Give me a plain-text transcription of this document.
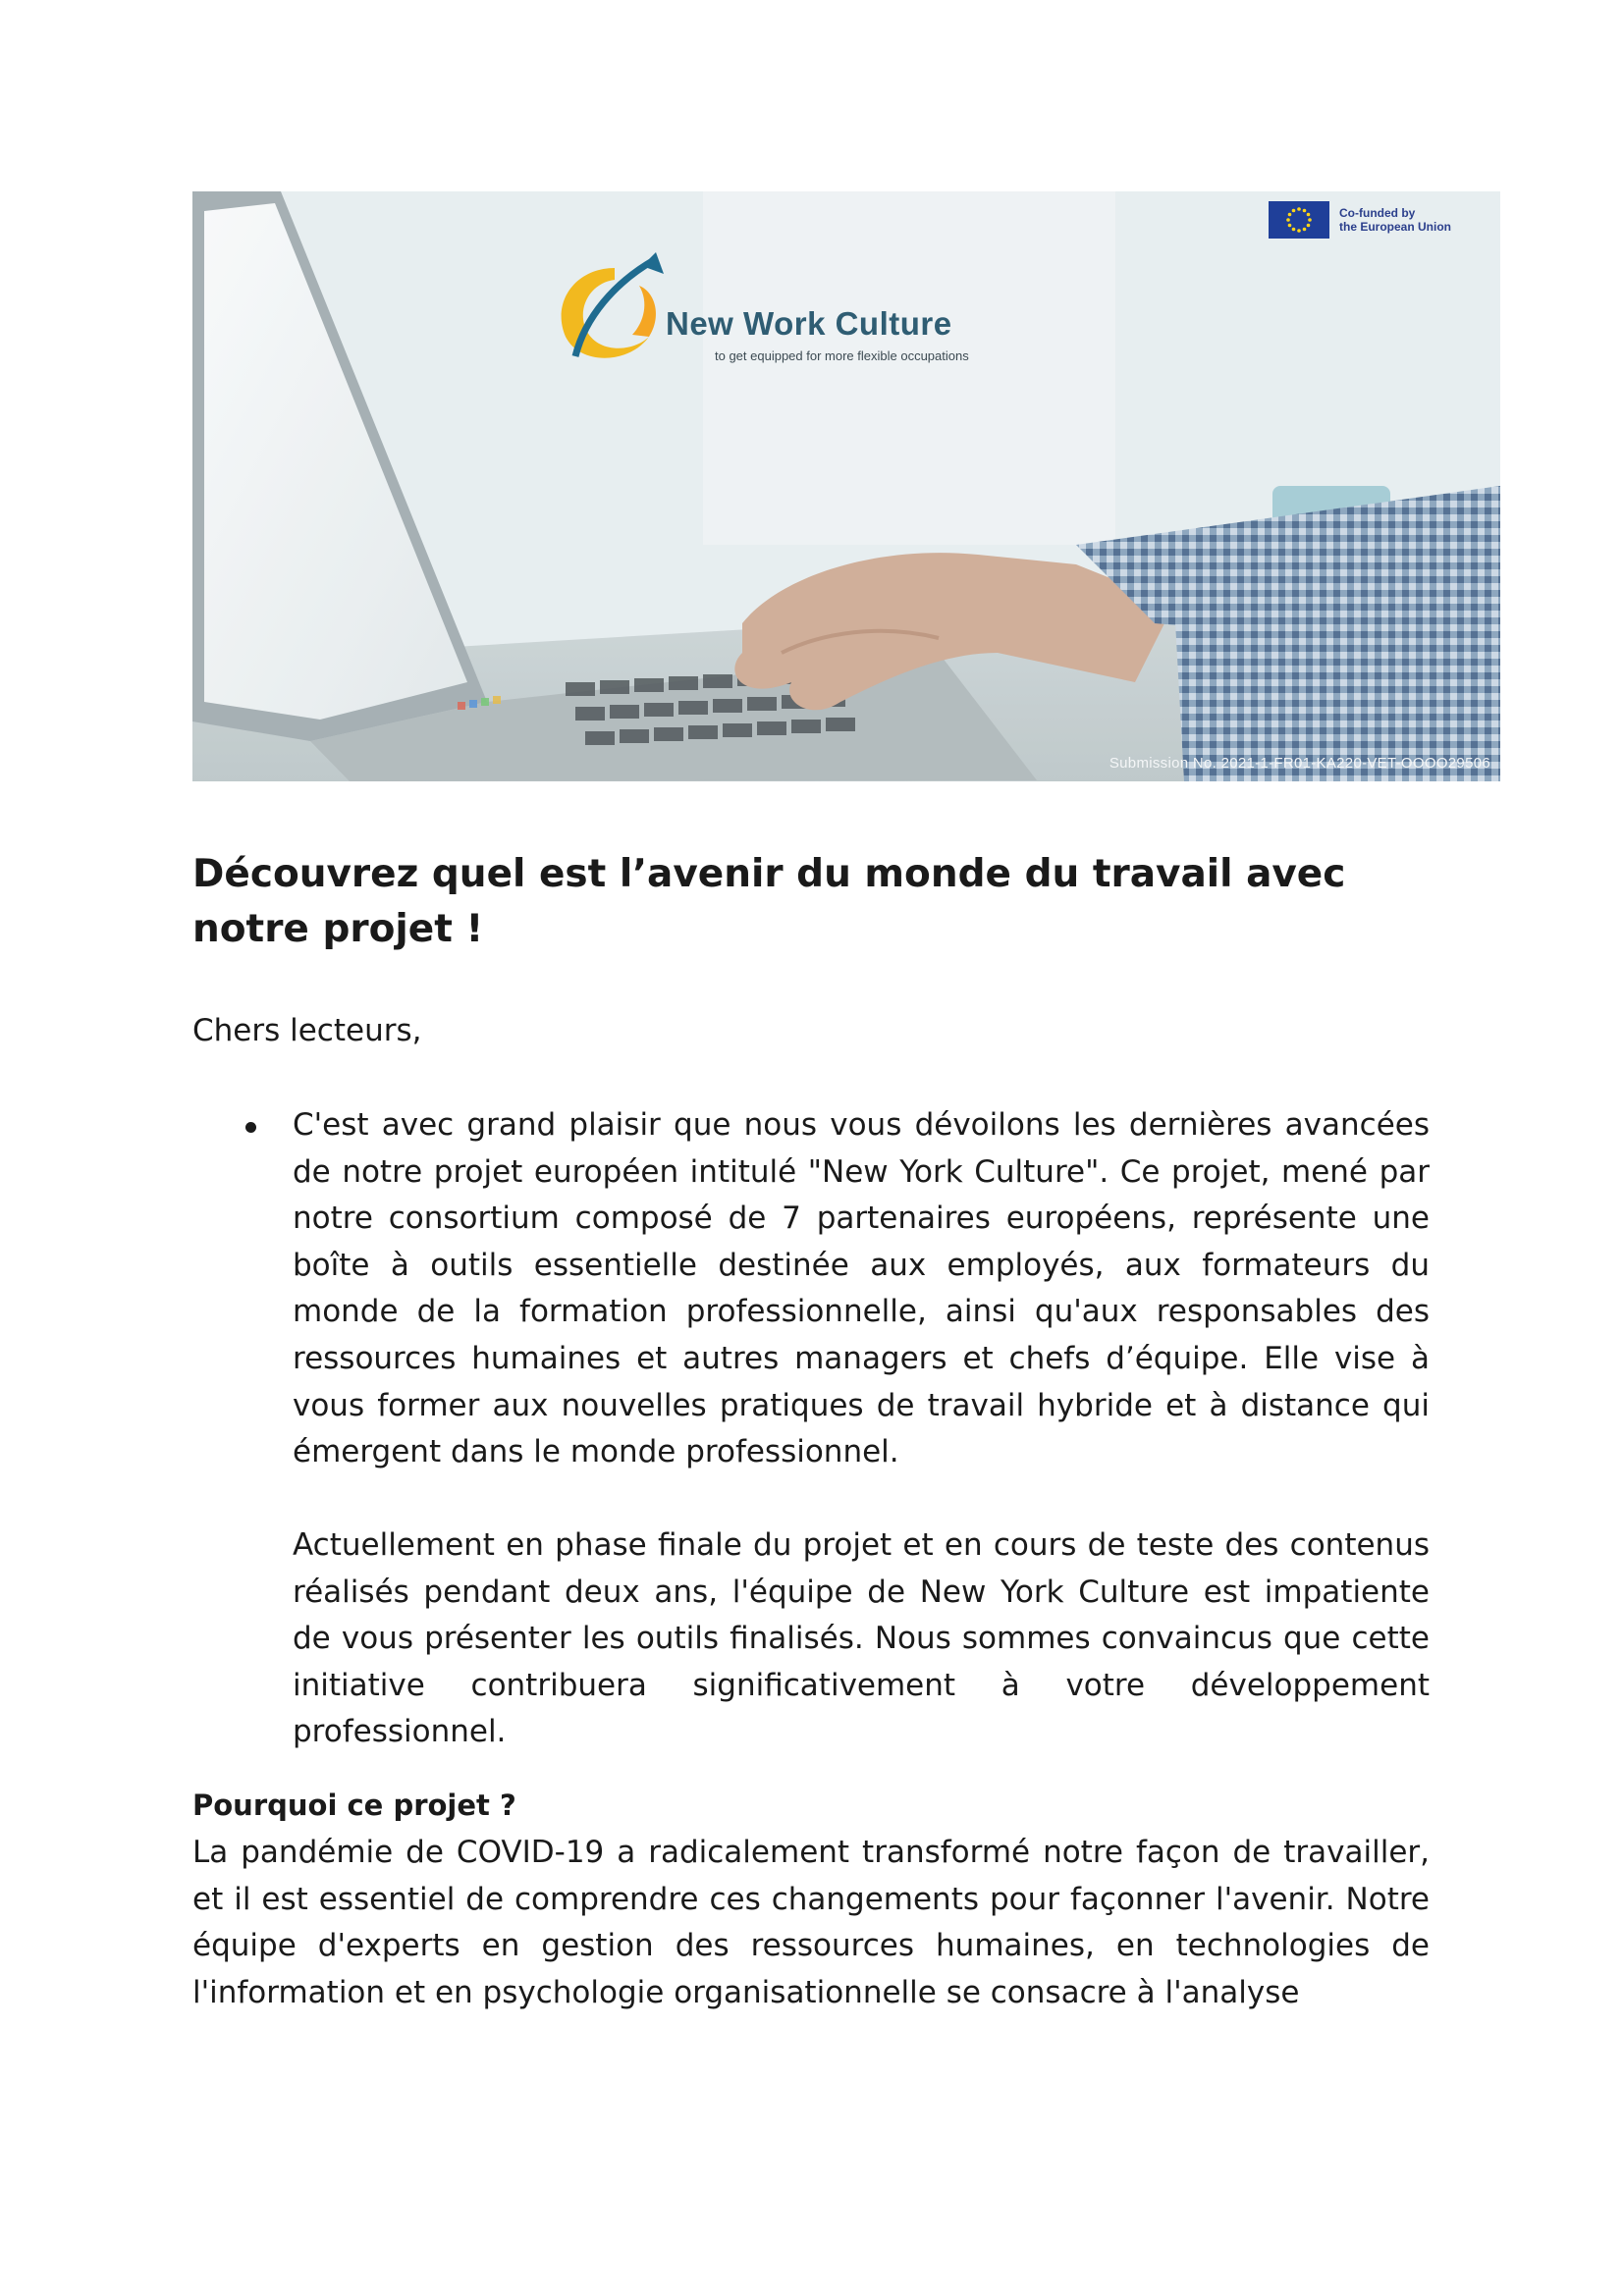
Co-funded by
the European Union
New Work Culture
to get equipped for more flexible occupations
Submission No. 2021-1-FR01-KA220-VET-OOOO29506
Découvrez quel est l’avenir du monde du travail avec notre projet !

Chers lecteurs,

C'est avec grand plaisir que nous vous dévoilons les dernières avancées de notre projet européen intitulé "New York Culture". Ce projet, mené par notre consortium composé de 7 partenaires européens, représente une boîte à outils essentielle destinée aux employés, aux formateurs du monde de la formation professionnelle, ainsi qu'aux responsables des ressources humaines et autres managers et chefs d’équipe. Elle vise à vous former aux nouvelles pratiques de travail hybride et à distance qui émergent dans le monde professionnel.

Actuellement en phase finale du projet et en cours de teste des contenus réalisés pendant deux ans, l'équipe de New York Culture est impatiente de vous présenter les outils finalisés. Nous sommes convaincus que cette initiative contribuera significativement à votre développement professionnel.

Pourquoi ce projet ?

La pandémie de COVID-19 a radicalement transformé notre façon de travailler, et il est essentiel de comprendre ces changements pour façonner l'avenir. Notre équipe d'experts en gestion des ressources humaines, en technologies de l'information et en psychologie organisationnelle se consacre à l'analyse
